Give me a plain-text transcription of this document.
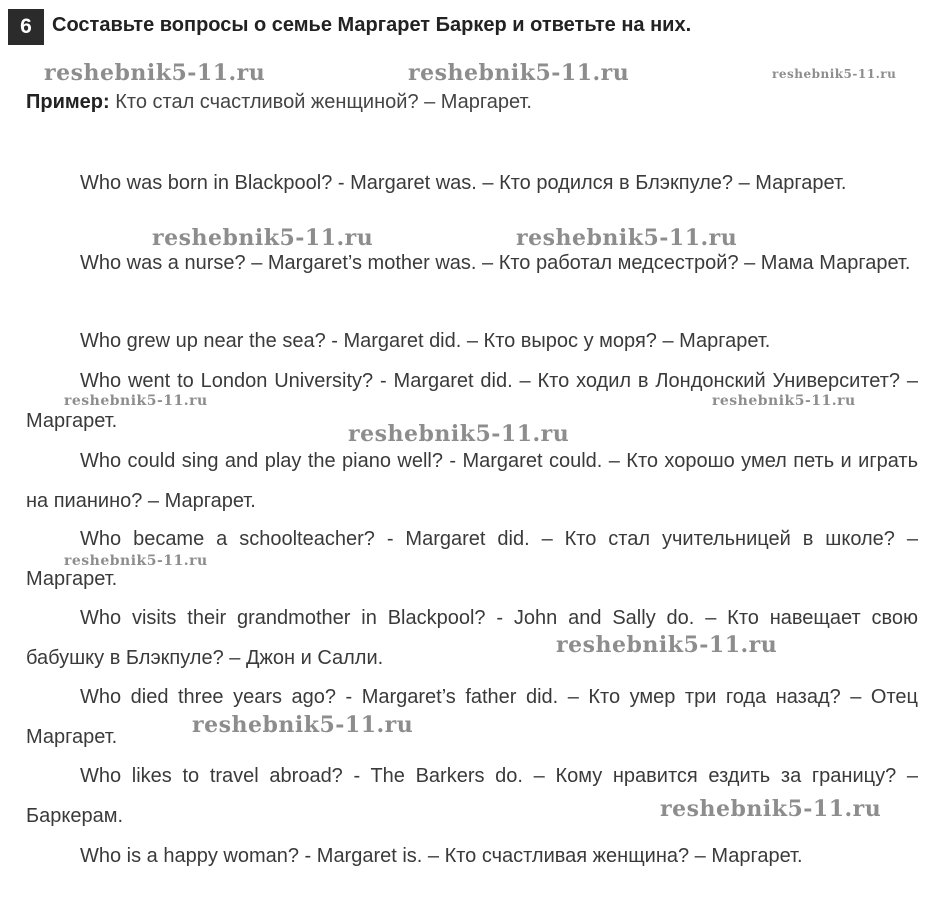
6	Составьте вопросы о семье Маргарет Баркер и ответьте на них.
Пример: Кто стал счастливой женщиной? – Маргарет.
Who was born in Blackpool? - Margaret was. – Кто родился в Блэкпуле? – Маргарет.
Who was a nurse? – Margaret’s mother was. – Кто работал медсестрой? – Мама Маргарет.
Who grew up near the sea? - Margaret did. – Кто вырос у моря? – Маргарет.
Who went to London University? - Margaret did. – Кто ходил в Лондонский Университет? – Маргарет.
Who could sing and play the piano well? - Margaret could. – Кто хорошо умел петь и играть на пианино? – Маргарет.
Who became a schoolteacher? - Margaret did. – Кто стал учительницей в школе? – Маргарет.
Who visits their grandmother in Blackpool? - John and Sally do. – Кто навещает свою бабушку в Блэкпуле? – Джон и Салли.
Who died three years ago? - Margaret’s father did. – Кто умер три года назад? – Отец Маргарет.
Who likes to travel abroad? - The Barkers do. – Кому нравится ездить за границу? – Баркерам.
Who is a happy woman? - Margaret is. – Кто счастливая женщина? – Маргарет.
reshebnik5-11.ru	reshebnik5-11.ru	reshebnik5-11.ru
reshebnik5-11.ru	reshebnik5-11.ru
reshebnik5-11.ru	reshebnik5-11.ru
reshebnik5-11.ru
reshebnik5-11.ru
reshebnik5-11.ru
reshebnik5-11.ru
reshebnik5-11.ru
